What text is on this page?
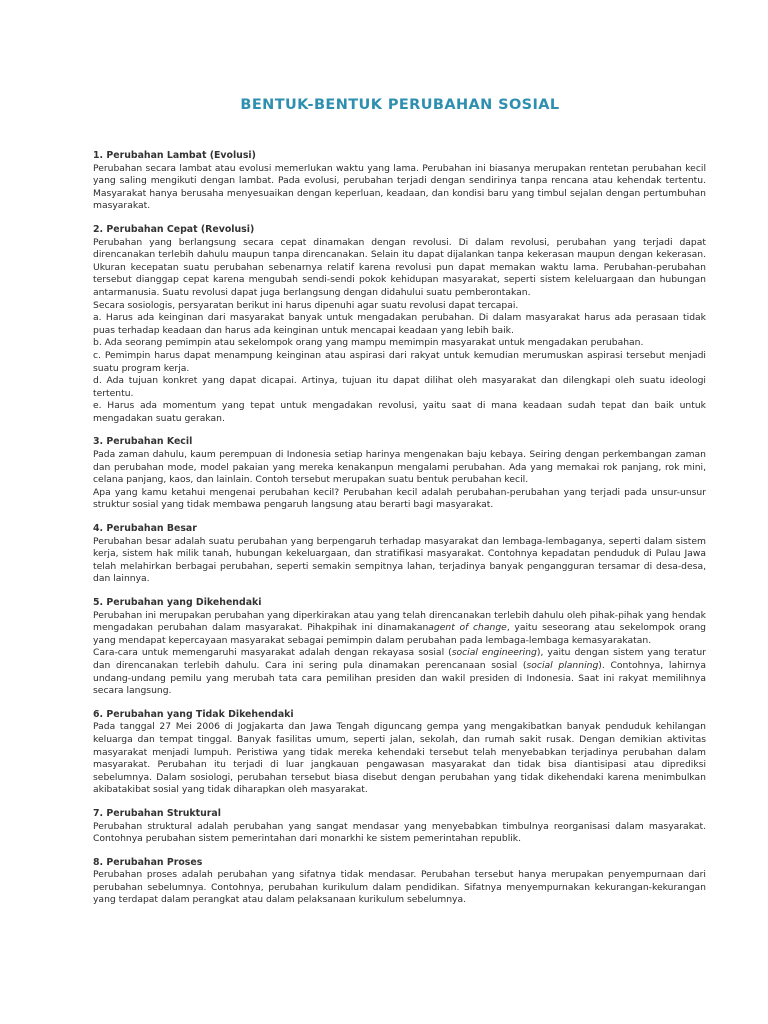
BENTUK-BENTUK PERUBAHAN SOSIAL
1. Perubahan Lambat (Evolusi)

Perubahan secara lambat atau evolusi memerlukan waktu yang lama. Perubahan ini biasanya merupakan rentetan perubahan kecil yang saling mengikuti dengan lambat. Pada evolusi, perubahan terjadi dengan sendirinya tanpa rencana atau kehendak tertentu. Masyarakat hanya berusaha menyesuaikan dengan keperluan, keadaan, dan kondisi baru yang timbul sejalan dengan pertumbuhan masyarakat.

2. Perubahan Cepat (Revolusi)

Perubahan yang berlangsung secara cepat dinamakan dengan revolusi. Di dalam revolusi, perubahan yang terjadi dapat direncanakan terlebih dahulu maupun tanpa direncanakan. Selain itu dapat dijalankan tanpa kekerasan maupun dengan kekerasan. Ukuran kecepatan suatu perubahan sebenarnya relatif karena revolusi pun dapat memakan waktu lama. Perubahan-perubahan tersebut dianggap cepat karena mengubah sendi-sendi pokok kehidupan masyarakat, seperti sistem keleluargaan dan hubungan antarmanusia. Suatu revolusi dapat juga berlangsung dengan didahului suatu pemberontakan.

Secara sosiologis, persyaratan berikut ini harus dipenuhi agar suatu revolusi dapat tercapai.

a. Harus ada keinginan dari masyarakat banyak untuk mengadakan perubahan. Di dalam masyarakat harus ada perasaan tidak puas terhadap keadaan dan harus ada keinginan untuk mencapai keadaan yang lebih baik.

b. Ada seorang pemimpin atau sekelompok orang yang mampu memimpin masyarakat untuk mengadakan perubahan.

c. Pemimpin harus dapat menampung keinginan atau aspirasi dari rakyat untuk kemudian merumuskan aspirasi tersebut menjadi suatu program kerja.

d. Ada tujuan konkret yang dapat dicapai. Artinya, tujuan itu dapat dilihat oleh masyarakat dan dilengkapi oleh suatu ideologi tertentu.

e. Harus ada momentum yang tepat untuk mengadakan revolusi, yaitu saat di mana keadaan sudah tepat dan baik untuk mengadakan suatu gerakan.

3. Perubahan Kecil

Pada zaman dahulu, kaum perempuan di Indonesia setiap harinya mengenakan baju kebaya. Seiring dengan perkembangan zaman dan perubahan mode, model pakaian yang mereka kenakanpun mengalami perubahan. Ada yang memakai rok panjang, rok mini, celana panjang, kaos, dan lainlain. Contoh tersebut merupakan suatu bentuk perubahan kecil.

Apa yang kamu ketahui mengenai perubahan kecil? Perubahan kecil adalah perubahan-perubahan yang terjadi pada unsur-unsur struktur sosial yang tidak membawa pengaruh langsung atau berarti bagi masyarakat.

4. Perubahan Besar

Perubahan besar adalah suatu perubahan yang berpengaruh terhadap masyarakat dan lembaga-lembaganya, seperti dalam sistem kerja, sistem hak milik tanah, hubungan kekeluargaan, dan stratifikasi masyarakat. Contohnya kepadatan penduduk di Pulau Jawa telah melahirkan berbagai perubahan, seperti semakin sempitnya lahan, terjadinya banyak pengangguran tersamar di desa-desa, dan lainnya.

5. Perubahan yang Dikehendaki

Perubahan ini merupakan perubahan yang diperkirakan atau yang telah direncanakan terlebih dahulu oleh pihak-pihak yang hendak mengadakan perubahan dalam masyarakat. Pihakpihak ini dinamakanagent of change, yaitu seseorang atau sekelompok orang yang mendapat kepercayaan masyarakat sebagai pemimpin dalam perubahan pada lembaga-lembaga kemasyarakatan.

Cara-cara untuk memengaruhi masyarakat adalah dengan rekayasa sosial (social engineering), yaitu dengan sistem yang teratur dan direncanakan terlebih dahulu. Cara ini sering pula dinamakan perencanaan sosial (social planning). Contohnya, lahirnya undang-undang pemilu yang merubah tata cara pemilihan presiden dan wakil presiden di Indonesia. Saat ini rakyat memilihnya secara langsung.

6. Perubahan yang Tidak Dikehendaki

Pada tanggal 27 Mei 2006 di Jogjakarta dan Jawa Tengah diguncang gempa yang mengakibatkan banyak penduduk kehilangan keluarga dan tempat tinggal. Banyak fasilitas umum, seperti jalan, sekolah, dan rumah sakit rusak. Dengan demikian aktivitas masyarakat menjadi lumpuh. Peristiwa yang tidak mereka kehendaki tersebut telah menyebabkan terjadinya perubahan dalam masyarakat. Perubahan itu terjadi di luar jangkauan pengawasan masyarakat dan tidak bisa diantisipasi atau diprediksi sebelumnya. Dalam sosiologi, perubahan tersebut biasa disebut dengan perubahan yang tidak dikehendaki karena menimbulkan akibatakibat sosial yang tidak diharapkan oleh masyarakat.

7. Perubahan Struktural

Perubahan struktural adalah perubahan yang sangat mendasar yang menyebabkan timbulnya reorganisasi dalam masyarakat. Contohnya perubahan sistem pemerintahan dari monarkhi ke sistem pemerintahan republik.

8. Perubahan Proses

Perubahan proses adalah perubahan yang sifatnya tidak mendasar. Perubahan tersebut hanya merupakan penyempurnaan dari perubahan sebelumnya. Contohnya, perubahan kurikulum dalam pendidikan. Sifatnya menyempurnakan kekurangan-kekurangan yang terdapat dalam perangkat atau dalam pelaksanaan kurikulum sebelumnya.
